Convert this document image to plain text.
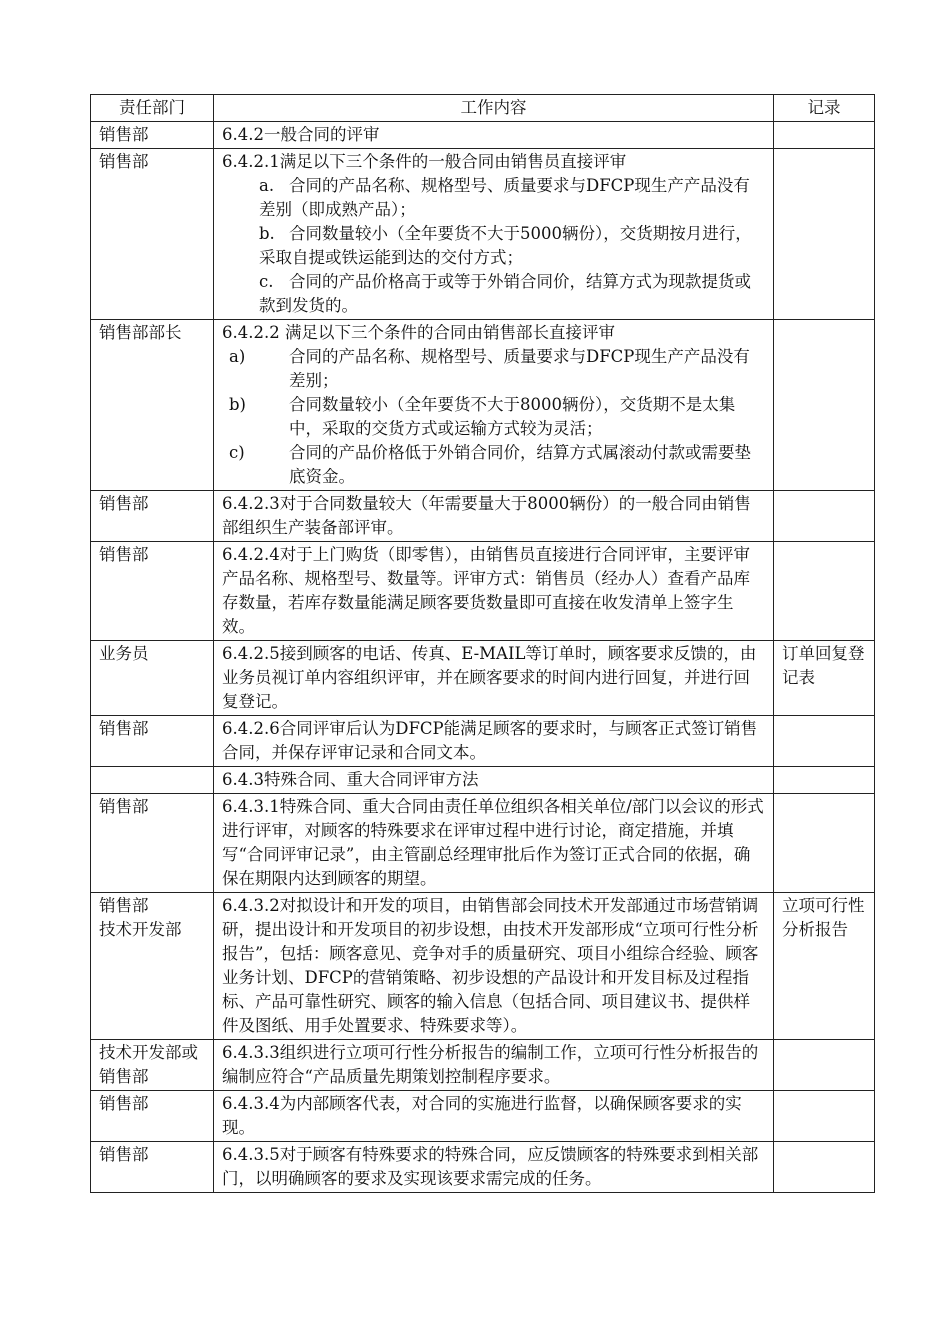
责任部门	工作内容	记录

销售部	6.4.2一般合同的评审	

销售部	6.4.2.1满足以下三个条件的一般合同由销售员直接评审

a. 合同的产品名称、规格型号、质量要求与DFCP现生产产品没有差别（即成熟产品）；

b. 合同数量较小（全年要货不大于5000辆份），交货期按月进行，采取自提或铁运能到达的交付方式；

c. 合同的产品价格高于或等于外销合同价，结算方式为现款提货或款到发货的。	

销售部部长	6.4.2.2 满足以下三个条件的合同由销售部长直接评审

a) 合同的产品名称、规格型号、质量要求与DFCP现生产产品没有差别；

b) 合同数量较小（全年要货不大于8000辆份），交货期不是太集中，采取的交货方式或运输方式较为灵活；

c) 合同的产品价格低于外销合同价，结算方式属滚动付款或需要垫底资金。	

销售部	6.4.2.3对于合同数量较大（年需要量大于8000辆份）的一般合同由销售部组织生产装备部评审。	

销售部	6.4.2.4对于上门购货（即零售），由销售员直接进行合同评审，主要评审产品名称、规格型号、数量等。评审方式：销售员（经办人）查看产品库存数量，若库存数量能满足顾客要货数量即可直接在收发清单上签字生效。	

业务员	6.4.2.5接到顾客的电话、传真、E-MAIL等订单时，顾客要求反馈的，由业务员视订单内容组织评审，并在顾客要求的时间内进行回复，并进行回复登记。	订单回复登记表

销售部	6.4.2.6合同评审后认为DFCP能满足顾客的要求时，与顾客正式签订销售合同，并保存评审记录和合同文本。	

	6.4.3特殊合同、重大合同评审方法	

销售部	6.4.3.1特殊合同、重大合同由责任单位组织各相关单位/部门以会议的形式进行评审，对顾客的特殊要求在评审过程中进行讨论，商定措施，并填写“合同评审记录”，由主管副总经理审批后作为签订正式合同的依据，确保在期限内达到顾客的期望。	

销售部
技术开发部	6.4.3.2对拟设计和开发的项目，由销售部会同技术开发部通过市场营销调研，提出设计和开发项目的初步设想，由技术开发部形成“立项可行性分析报告”，包括：顾客意见、竞争对手的质量研究、项目小组综合经验、顾客业务计划、DFCP的营销策略、初步设想的产品设计和开发目标及过程指标、产品可靠性研究、顾客的输入信息（包括合同、项目建议书、提供样件及图纸、用手处置要求、特殊要求等）。	立项可行性分析报告

技术开发部或销售部	6.4.3.3组织进行立项可行性分析报告的编制工作，立项可行性分析报告的编制应符合“产品质量先期策划控制程序要求。	

销售部	6.4.3.4为内部顾客代表，对合同的实施进行监督，以确保顾客要求的实现。	

销售部	6.4.3.5对于顾客有特殊要求的特殊合同，应反馈顾客的特殊要求到相关部门，以明确顾客的要求及实现该要求需完成的任务。	
